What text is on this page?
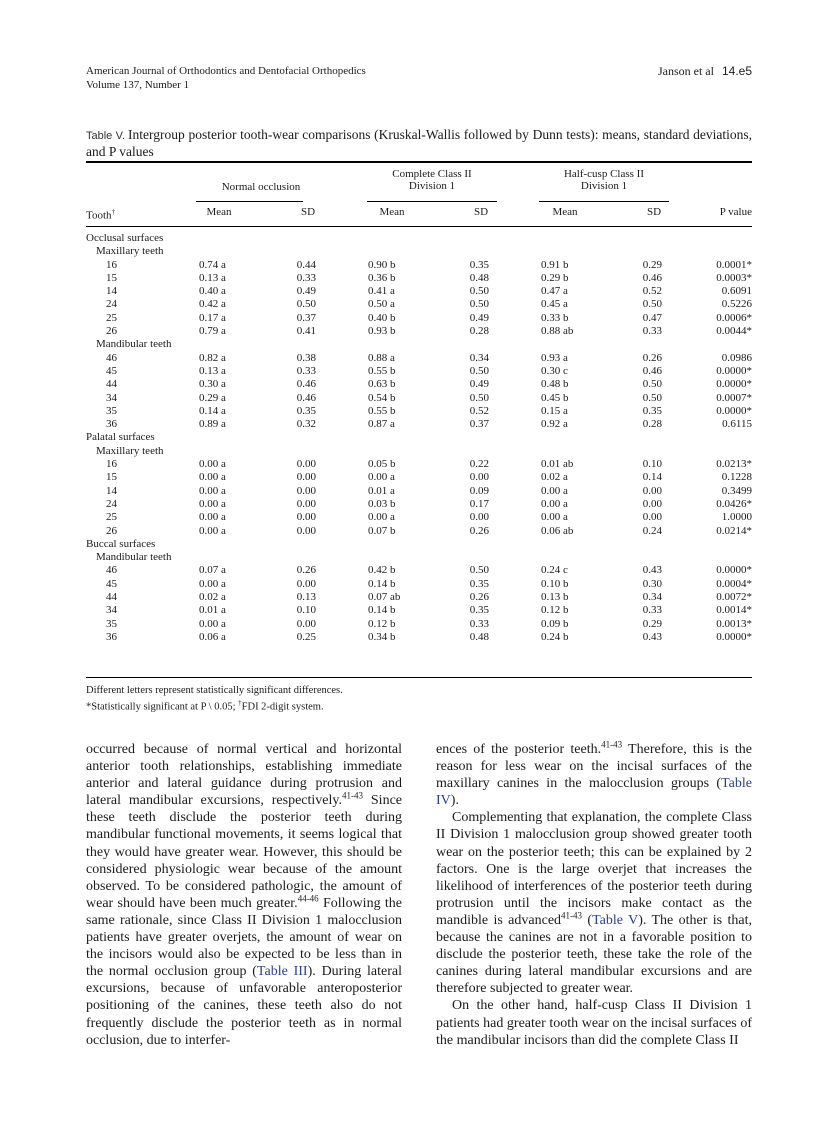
American Journal of Orthodontics and Dentofacial Orthopedics
Volume 137, Number 1
Janson et al 14.e5
Table V. Intergroup posterior tooth-wear comparisons (Kruskal-Wallis followed by Dunn tests): means, standard deviations, and P values
Normal occlusion
Complete Class II
Division 1
Half-cusp Class II
Division 1
Tooth†	Mean	SD	Mean	SD	Mean	SD	P value
Occlusal surfaces
Maxillary teeth
16	0.74 a	0.44	0.90 b	0.35	0.91 b	0.29	0.0001*
15	0.13 a	0.33	0.36 b	0.48	0.29 b	0.46	0.0003*
14	0.40 a	0.49	0.41 a	0.50	0.47 a	0.52	0.6091
24	0.42 a	0.50	0.50 a	0.50	0.45 a	0.50	0.5226
25	0.17 a	0.37	0.40 b	0.49	0.33 b	0.47	0.0006*
26	0.79 a	0.41	0.93 b	0.28	0.88 ab	0.33	0.0044*
Mandibular teeth
46	0.82 a	0.38	0.88 a	0.34	0.93 a	0.26	0.0986
45	0.13 a	0.33	0.55 b	0.50	0.30 c	0.46	0.0000*
44	0.30 a	0.46	0.63 b	0.49	0.48 b	0.50	0.0000*
34	0.29 a	0.46	0.54 b	0.50	0.45 b	0.50	0.0007*
35	0.14 a	0.35	0.55 b	0.52	0.15 a	0.35	0.0000*
36	0.89 a	0.32	0.87 a	0.37	0.92 a	0.28	0.6115
Palatal surfaces
Maxillary teeth
16	0.00 a	0.00	0.05 b	0.22	0.01 ab	0.10	0.0213*
15	0.00 a	0.00	0.00 a	0.00	0.02 a	0.14	0.1228
14	0.00 a	0.00	0.01 a	0.09	0.00 a	0.00	0.3499
24	0.00 a	0.00	0.03 b	0.17	0.00 a	0.00	0.0426*
25	0.00 a	0.00	0.00 a	0.00	0.00 a	0.00	1.0000
26	0.00 a	0.00	0.07 b	0.26	0.06 ab	0.24	0.0214*
Buccal surfaces
Mandibular teeth
46	0.07 a	0.26	0.42 b	0.50	0.24 c	0.43	0.0000*
45	0.00 a	0.00	0.14 b	0.35	0.10 b	0.30	0.0004*
44	0.02 a	0.13	0.07 ab	0.26	0.13 b	0.34	0.0072*
34	0.01 a	0.10	0.14 b	0.35	0.12 b	0.33	0.0014*
35	0.00 a	0.00	0.12 b	0.33	0.09 b	0.29	0.0013*
36	0.06 a	0.25	0.34 b	0.48	0.24 b	0.43	0.0000*
Different letters represent statistically significant differences.
*Statistically significant at P \ 0.05; †FDI 2-digit system.

occurred because of normal vertical and horizontal anterior tooth relationships, establishing immediate anterior and lateral guidance during protrusion and lateral mandibular excursions, respectively.$^{41-43}$ Since these teeth disclude the posterior teeth during mandibular functional movements, it seems logical that they would have greater wear. However, this should be considered physiologic wear because of the amount observed. To be considered pathologic, the amount of wear should have been much greater.$^{44-46}$ Following the same rationale, since Class II Division 1 malocclusion patients have greater overjets, the amount of wear on the incisors would also be expected to be less than in the normal occlusion group (Table III). During lateral excursions, because of unfavorable anteroposterior positioning of the canines, these teeth also do not frequently disclude the posterior teeth as in normal occlusion, due to interfer-

ences of the posterior teeth.$^{41-43}$ Therefore, this is the reason for less wear on the incisal surfaces of the maxillary canines in the malocclusion groups (Table IV).

Complementing that explanation, the complete Class II Division 1 malocclusion group showed greater tooth wear on the posterior teeth; this can be explained by 2 factors. One is the large overjet that increases the likelihood of interferences of the posterior teeth during protrusion until the incisors make contact as the mandible is advanced$^{41-43}$ (Table V). The other is that, because the canines are not in a favorable position to disclude the posterior teeth, these take the role of the canines during lateral mandibular excursions and are therefore subjected to greater wear.

On the other hand, half-cusp Class II Division 1 patients had greater tooth wear on the incisal surfaces of the mandibular incisors than did the complete Class II
